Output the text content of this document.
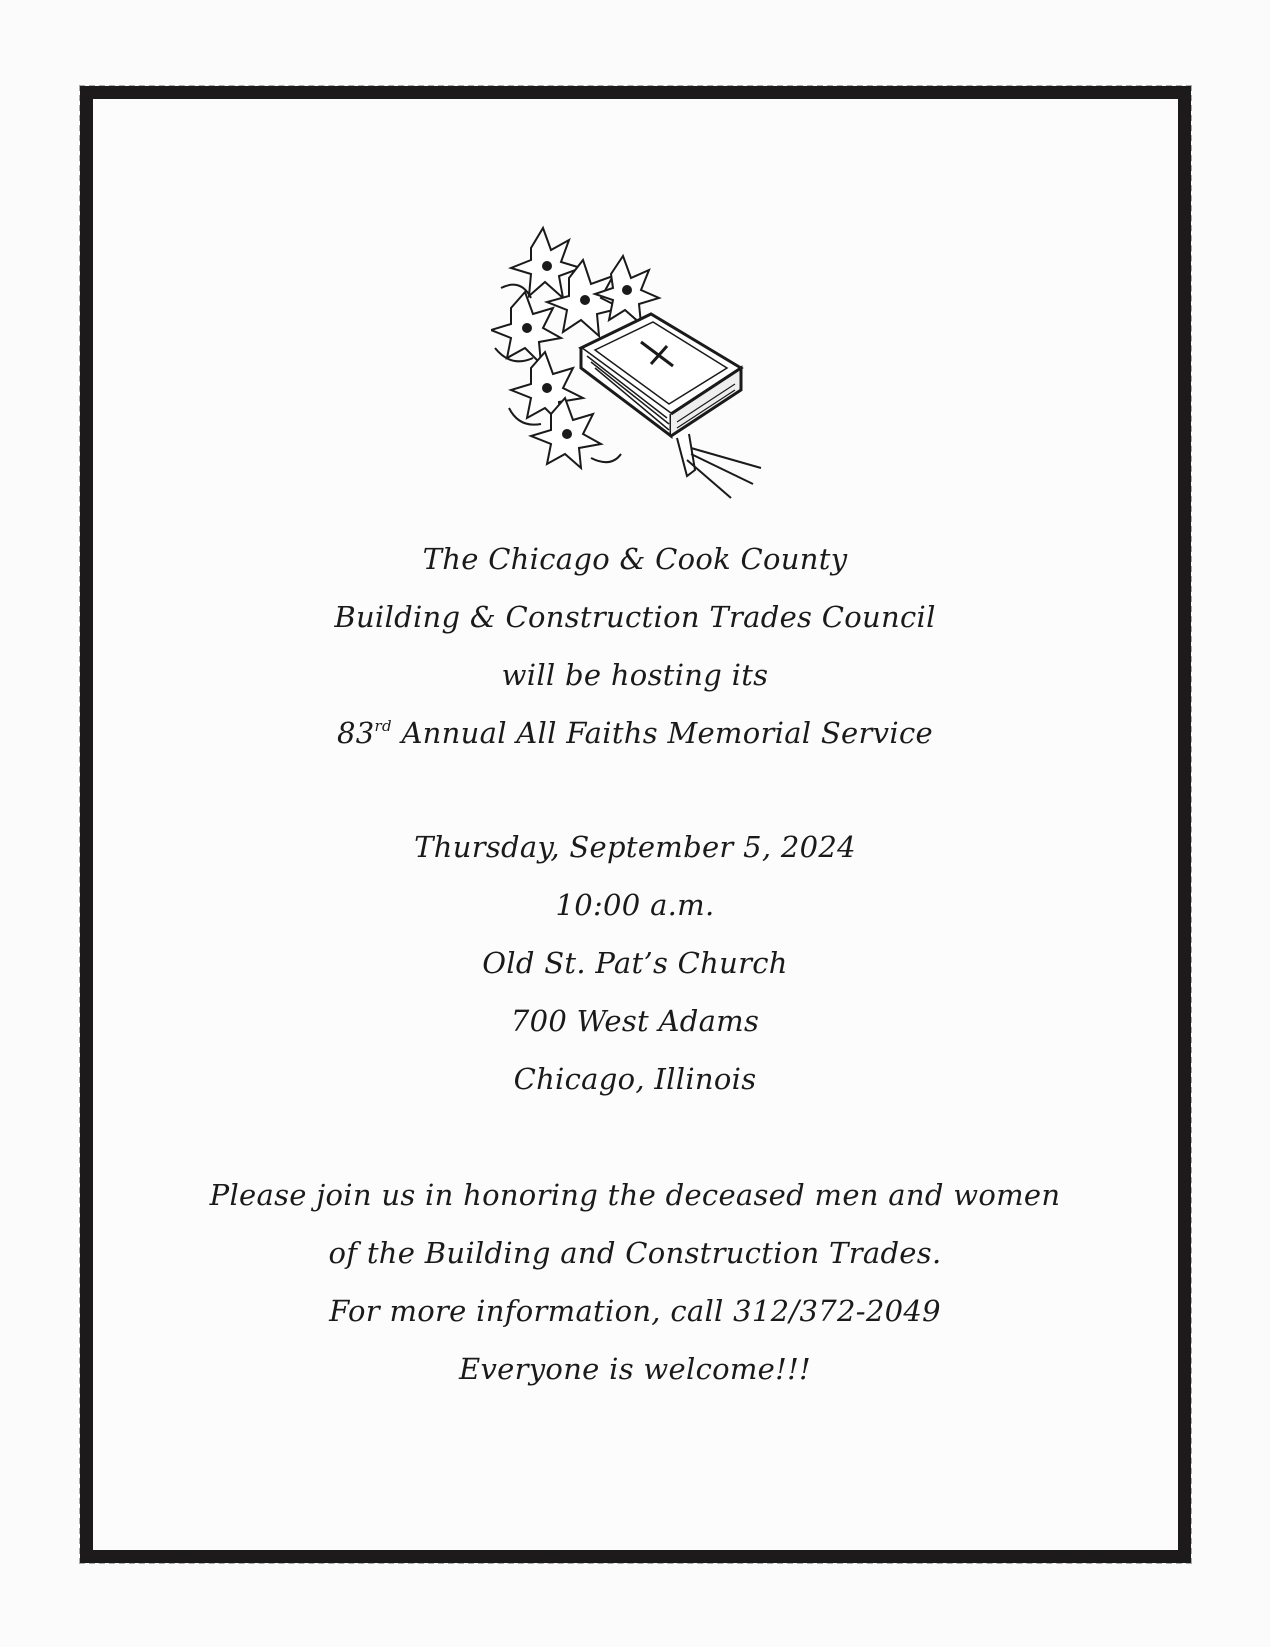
The Chicago & Cook County
Building & Construction Trades Council
will be hosting its
83rd Annual All Faiths Memorial Service
Thursday, September 5, 2024
10:00 a.m.
Old St. Pat’s Church
700 West Adams
Chicago, Illinois
Please join us in honoring the deceased men and women
of the Building and Construction Trades.
For more information, call 312/372-2049
Everyone is welcome!!!
